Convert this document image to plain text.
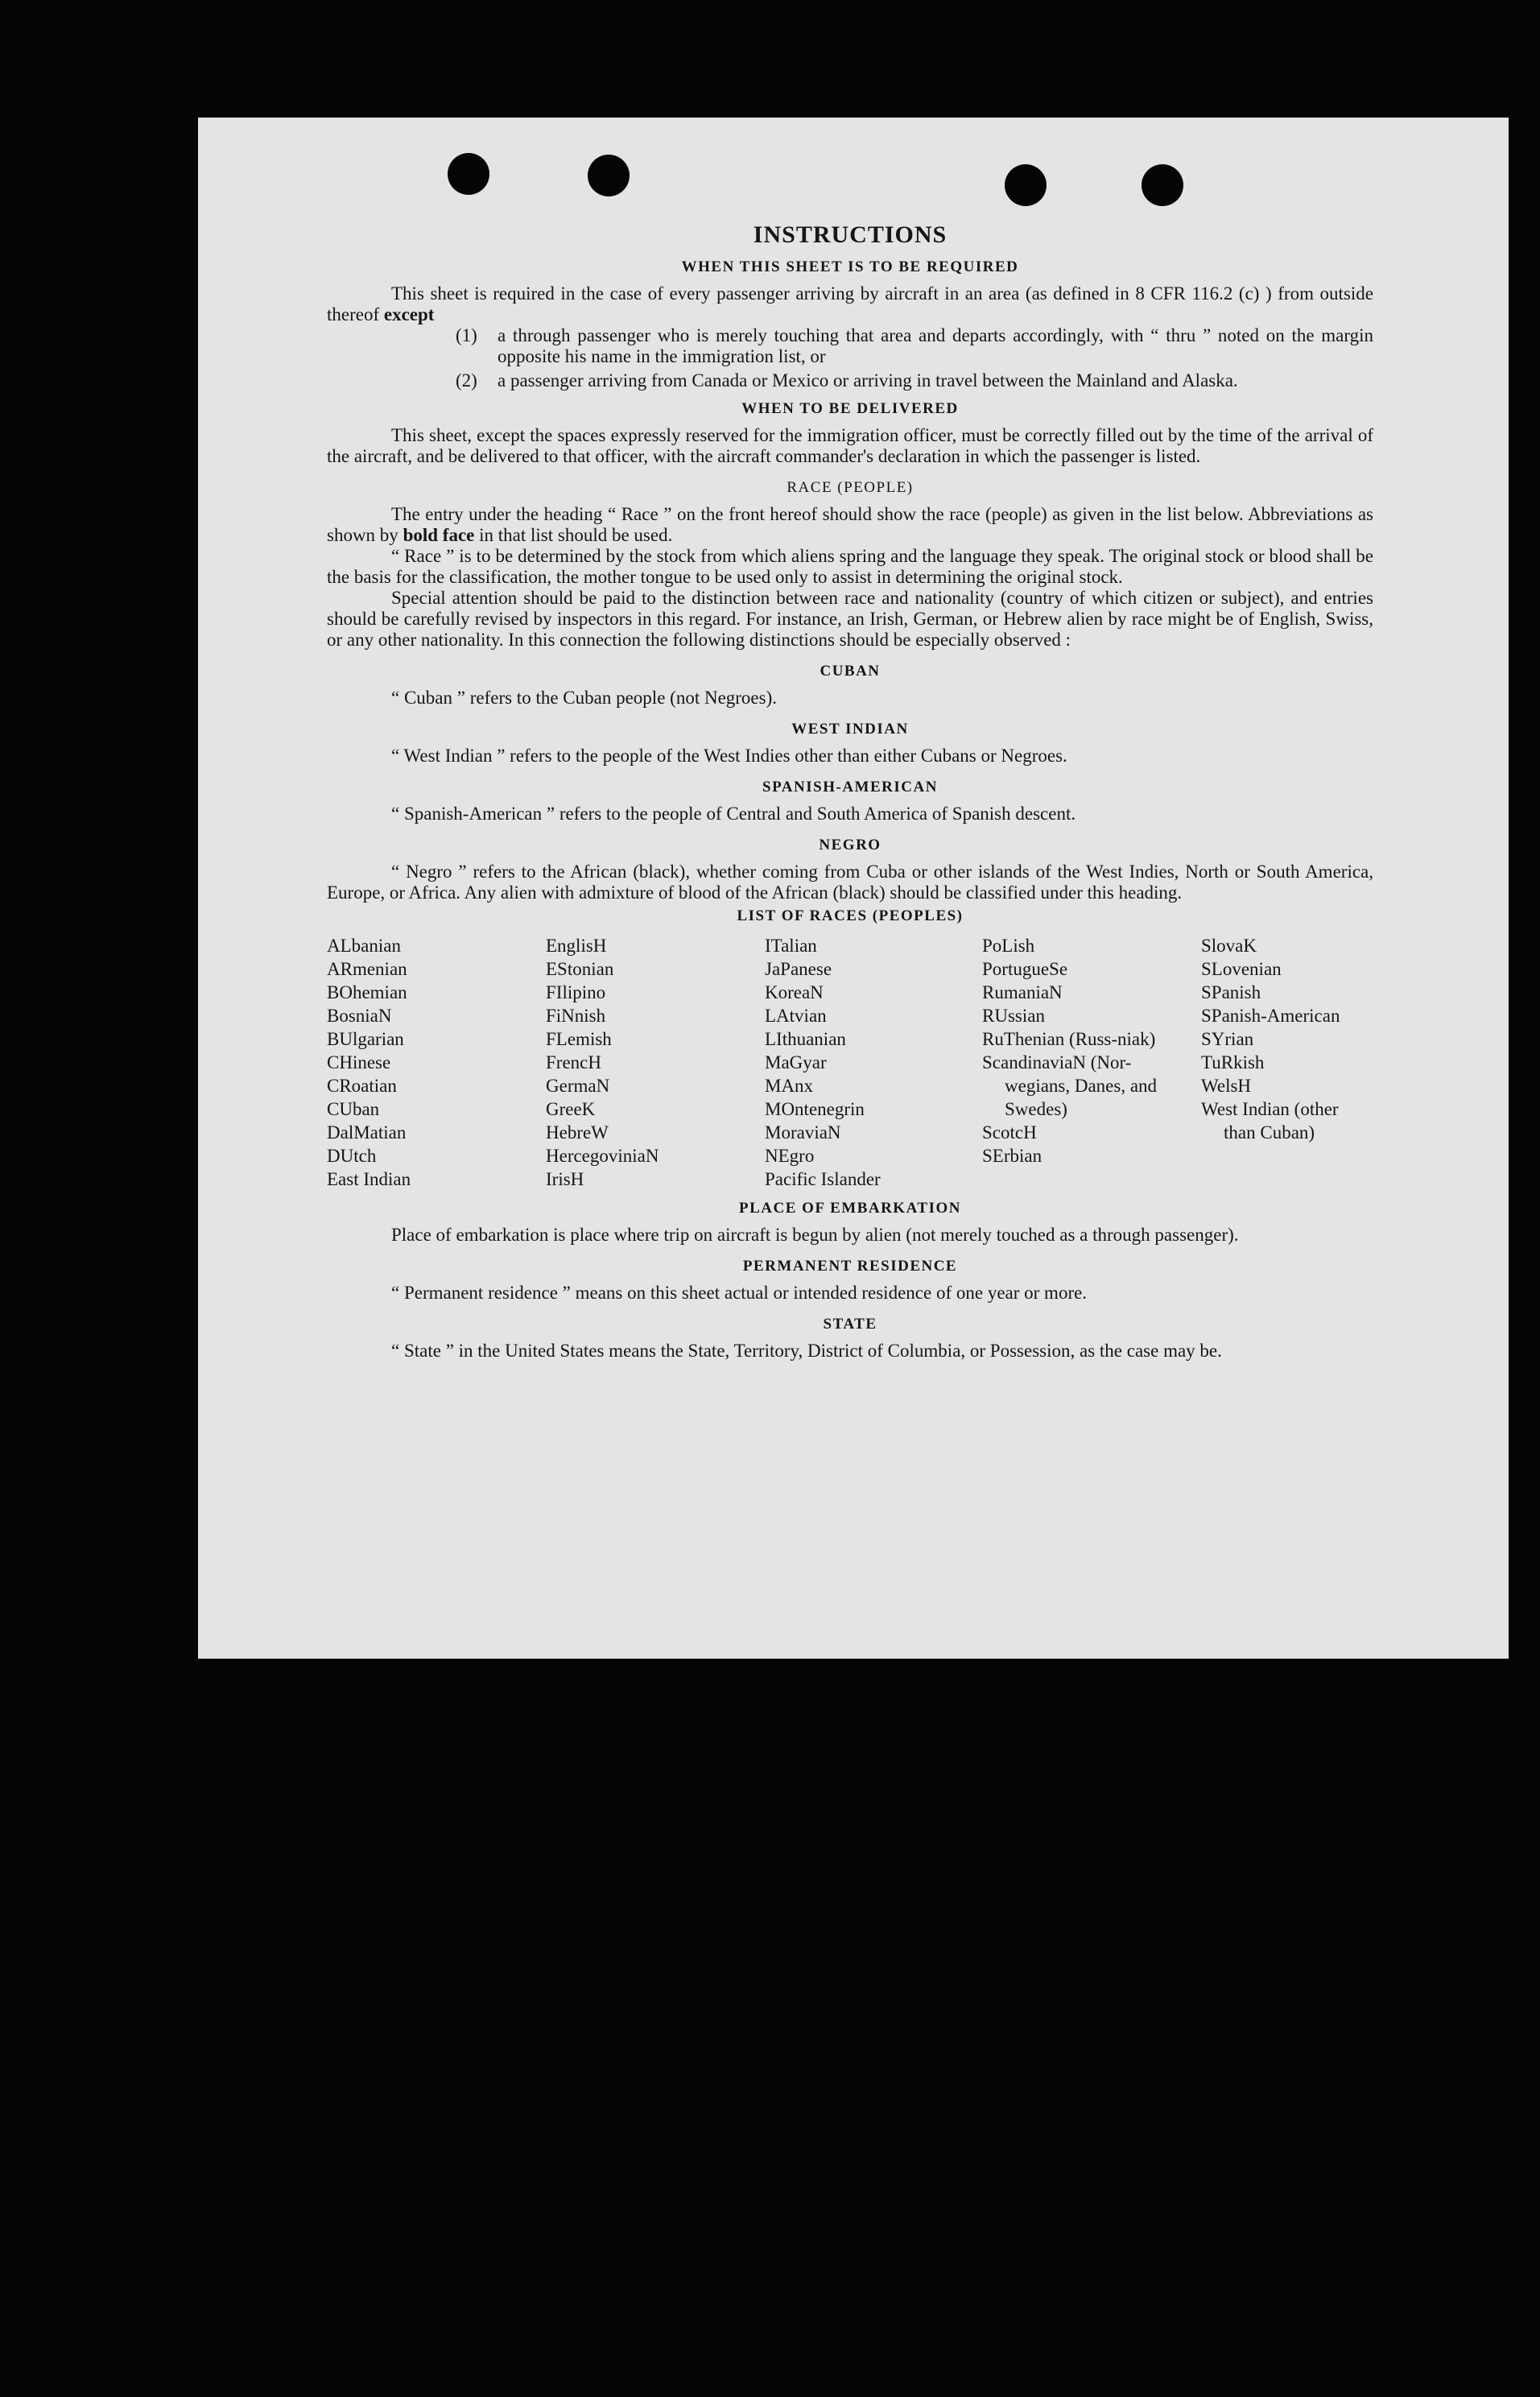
INSTRUCTIONS
WHEN THIS SHEET IS TO BE REQUIRED

This sheet is required in the case of every passenger arriving by aircraft in an area (as defined in 8 CFR 116.2 (c) ) from outside thereof except

(1)	a through passenger who is merely touching that area and departs accordingly, with “ thru ” noted on the margin opposite his name in the immigration list, or
(2)	a passenger arriving from Canada or Mexico or arriving in travel between the Mainland and Alaska.
WHEN TO BE DELIVERED

This sheet, except the spaces expressly reserved for the immigration officer, must be correctly filled out by the time of the arrival of the aircraft, and be delivered to that officer, with the aircraft commander's declaration in which the passenger is listed.

RACE (PEOPLE)

The entry under the heading “ Race ” on the front hereof should show the race (people) as given in the list below. Abbreviations as shown by bold face in that list should be used.

“ Race ” is to be determined by the stock from which aliens spring and the language they speak. The original stock or blood shall be the basis for the classification, the mother tongue to be used only to assist in determining the original stock.

Special attention should be paid to the distinction between race and nationality (country of which citizen or subject), and entries should be carefully revised by inspectors in this regard. For instance, an Irish, German, or Hebrew alien by race might be of English, Swiss, or any other nationality. In this connection the following distinctions should be especially observed :

CUBAN

“ Cuban ” refers to the Cuban people (not Negroes).

WEST INDIAN

“ West Indian ” refers to the people of the West Indies other than either Cubans or Negroes.

SPANISH-AMERICAN

“ Spanish-American ” refers to the people of Central and South America of Spanish descent.

NEGRO

“ Negro ” refers to the African (black), whether coming from Cuba or other islands of the West Indies, North or South America, Europe, or Africa. Any alien with admixture of blood of the African (black) should be classified under this heading.

LIST OF RACES (PEOPLES)
ALbanian
ARmenian
BOhemian
BosniaN
BUlgarian
CHinese
CRoatian
CUban
DalMatian
DUtch
East Indian
EnglisH
EStonian
FIlipino
FiNnish
FLemish
FrencH
GermaN
GreeK
HebreW
HercegoviniaN
IrisH
ITalian
JaPanese
KoreaN
LAtvian
LIthuanian
MaGyar
MAnx
MOntenegrin
MoraviaN
NEgro
Pacific Islander
PoLish
PortugueSe
RumaniaN
RUssian
RuThenian (Russ-niak)
ScandinaviaN (Nor-wegians, Danes, and Swedes)
ScotcH
SErbian
SlovaK
SLovenian
SPanish
SPanish-American
SYrian
TuRkish
WelsH
West Indian (other than Cuban)
PLACE OF EMBARKATION

Place of embarkation is place where trip on aircraft is begun by alien (not merely touched as a through passenger).

PERMANENT RESIDENCE

“ Permanent residence ” means on this sheet actual or intended residence of one year or more.

STATE

“ State ” in the United States means the State, Territory, District of Columbia, or Possession, as the case may be.
